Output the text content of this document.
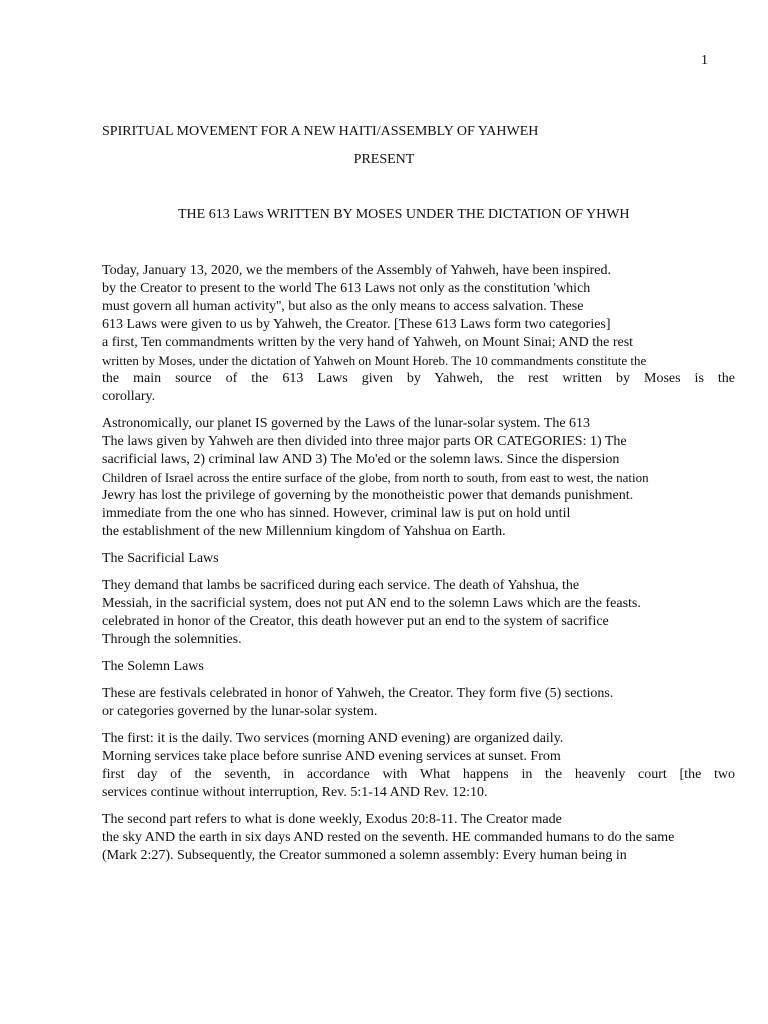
1
SPIRITUAL MOVEMENT FOR A NEW HAITI/ASSEMBLY OF YAHWEH
PRESENT
THE 613 Laws WRITTEN BY MOSES UNDER THE DICTATION OF YHWH
Today, January 13, 2020, we the members of the Assembly of Yahweh, have been inspired.
by the Creator to present to the world The 613 Laws not only as the constitution 'which
must govern all human activity'', but also as the only means to access salvation. These
613 Laws were given to us by Yahweh, the Creator. [These 613 Laws form two categories]
a first, Ten commandments written by the very hand of Yahweh, on Mount Sinai; AND the rest
written by Moses, under the dictation of Yahweh on Mount Horeb. The 10 commandments constitute the
the main source of the 613 Laws given by Yahweh, the rest written by Moses is the
corollary.
Astronomically, our planet IS governed by the Laws of the lunar-solar system. The 613
The laws given by Yahweh are then divided into three major parts OR CATEGORIES: 1) The
sacrificial laws, 2) criminal law AND 3) The Mo'ed or the solemn laws. Since the dispersion
Children of Israel across the entire surface of the globe, from north to south, from east to west, the nation
Jewry has lost the privilege of governing by the monotheistic power that demands punishment.
immediate from the one who has sinned. However, criminal law is put on hold until
the establishment of the new Millennium kingdom of Yahshua on Earth.
The Sacrificial Laws
They demand that lambs be sacrificed during each service. The death of Yahshua, the
Messiah, in the sacrificial system, does not put AN end to the solemn Laws which are the feasts.
celebrated in honor of the Creator, this death however put an end to the system of sacrifice
Through the solemnities.
The Solemn Laws
These are festivals celebrated in honor of Yahweh, the Creator. They form five (5) sections.
or categories governed by the lunar-solar system.
The first: it is the daily. Two services (morning AND evening) are organized daily.
Morning services take place before sunrise AND evening services at sunset. From
first day of the seventh, in accordance with What happens in the heavenly court [the two
services continue without interruption, Rev. 5:1-14 AND Rev. 12:10.
The second part refers to what is done weekly, Exodus 20:8-11. The Creator made
the sky AND the earth in six days AND rested on the seventh. HE commanded humans to do the same
(Mark 2:27). Subsequently, the Creator summoned a solemn assembly: Every human being in
